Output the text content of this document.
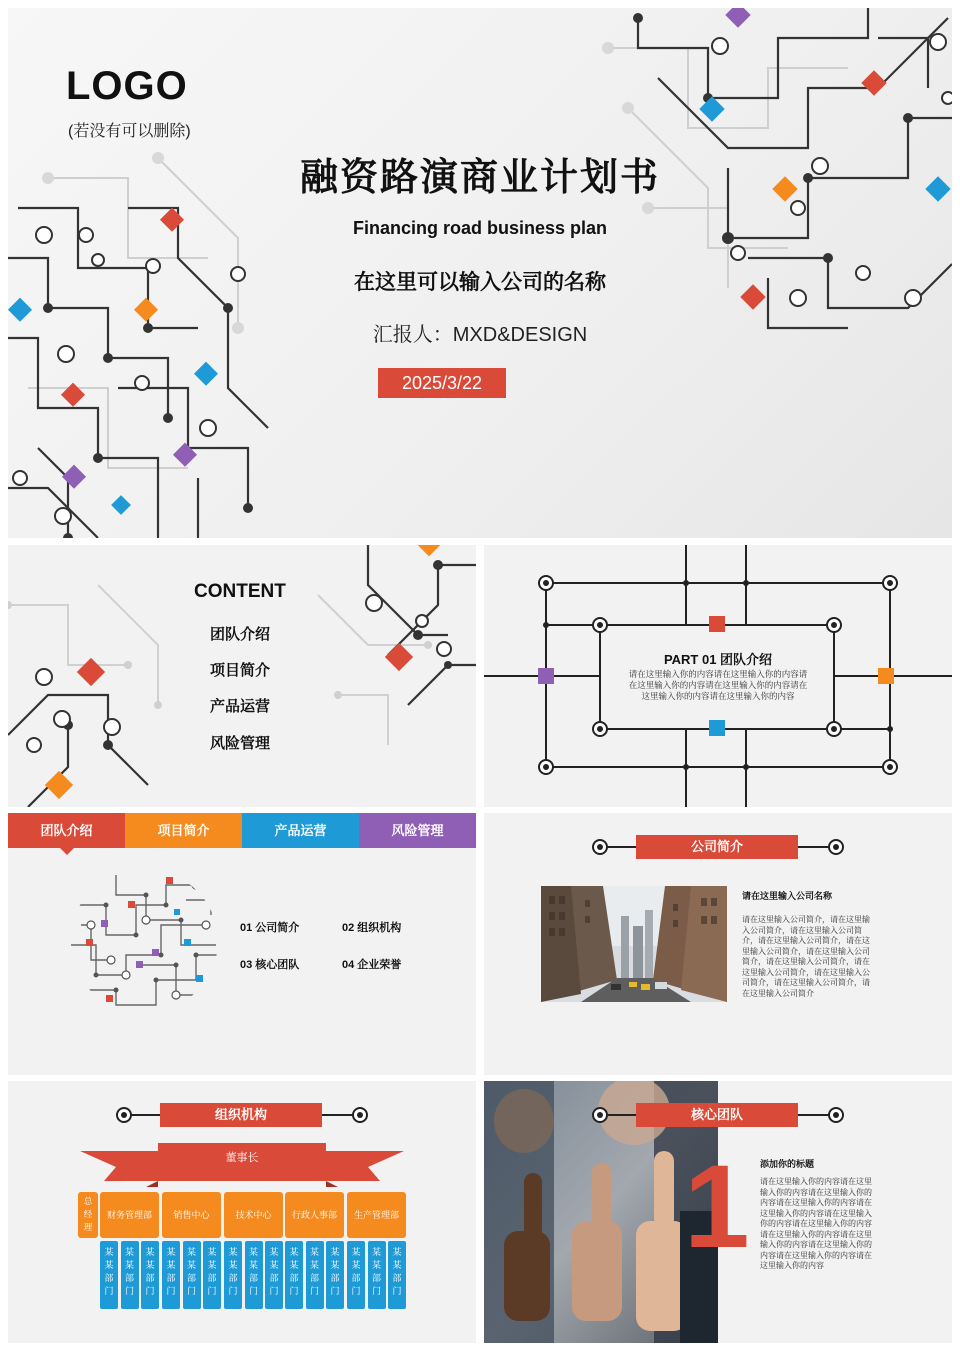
LOGO
(若没有可以删除)
融资路演商业计划书
Financing road business plan
在这里可以输入公司的名称
汇报人：MXD&DESIGN
2025/3/22
CONTENT
团队介绍
项目简介
产品运营
风险管理
PART 01 团队介绍
请在这里输入你的内容请在这里输入你的内容请在这里输入你的内容请在这里输入你的内容请在这里输入你的内容请在这里输入你的内容
团队介绍	项目简介	产品运营	风险管理
01 公司简介	02 组织机构
03 核心团队	04 企业荣誉
公司简介
请在这里输入公司名称
请在这里输入公司简介，请在这里输入公司简介，请在这里输入公司简介，请在这里输入公司简介，请在这里输入公司简介，请在这里输入公司简介，请在这里输入公司简介，请在这里输入公司简介，请在这里输入公司简介，请在这里输入公司简介，请在这里输入公司简介
组织机构
董事长
总
经
理
财务管理部	销售中心	技术中心	行政人事部	生产管理部
某
某
部
门
某
某
部
门
某
某
部
门
某
某
部
门
某
某
部
门
某
某
部
门
某
某
部
门
某
某
部
门
某
某
部
门
某
某
部
门
某
某
部
门
某
某
部
门
某
某
部
门
某
某
部
门
某
某
部
门
核心团队
1 添加你的标题
请在这里输入你的内容请在这里输入你的内容请在这里输入你的内容请在这里输入你的内容请在这里输入你的内容请在这里输入你的内容请在这里输入你的内容请在这里输入你的内容请在这里输入你的内容请在这里输入你的内容请在这里输入你的内容请在这里输入你的内容
